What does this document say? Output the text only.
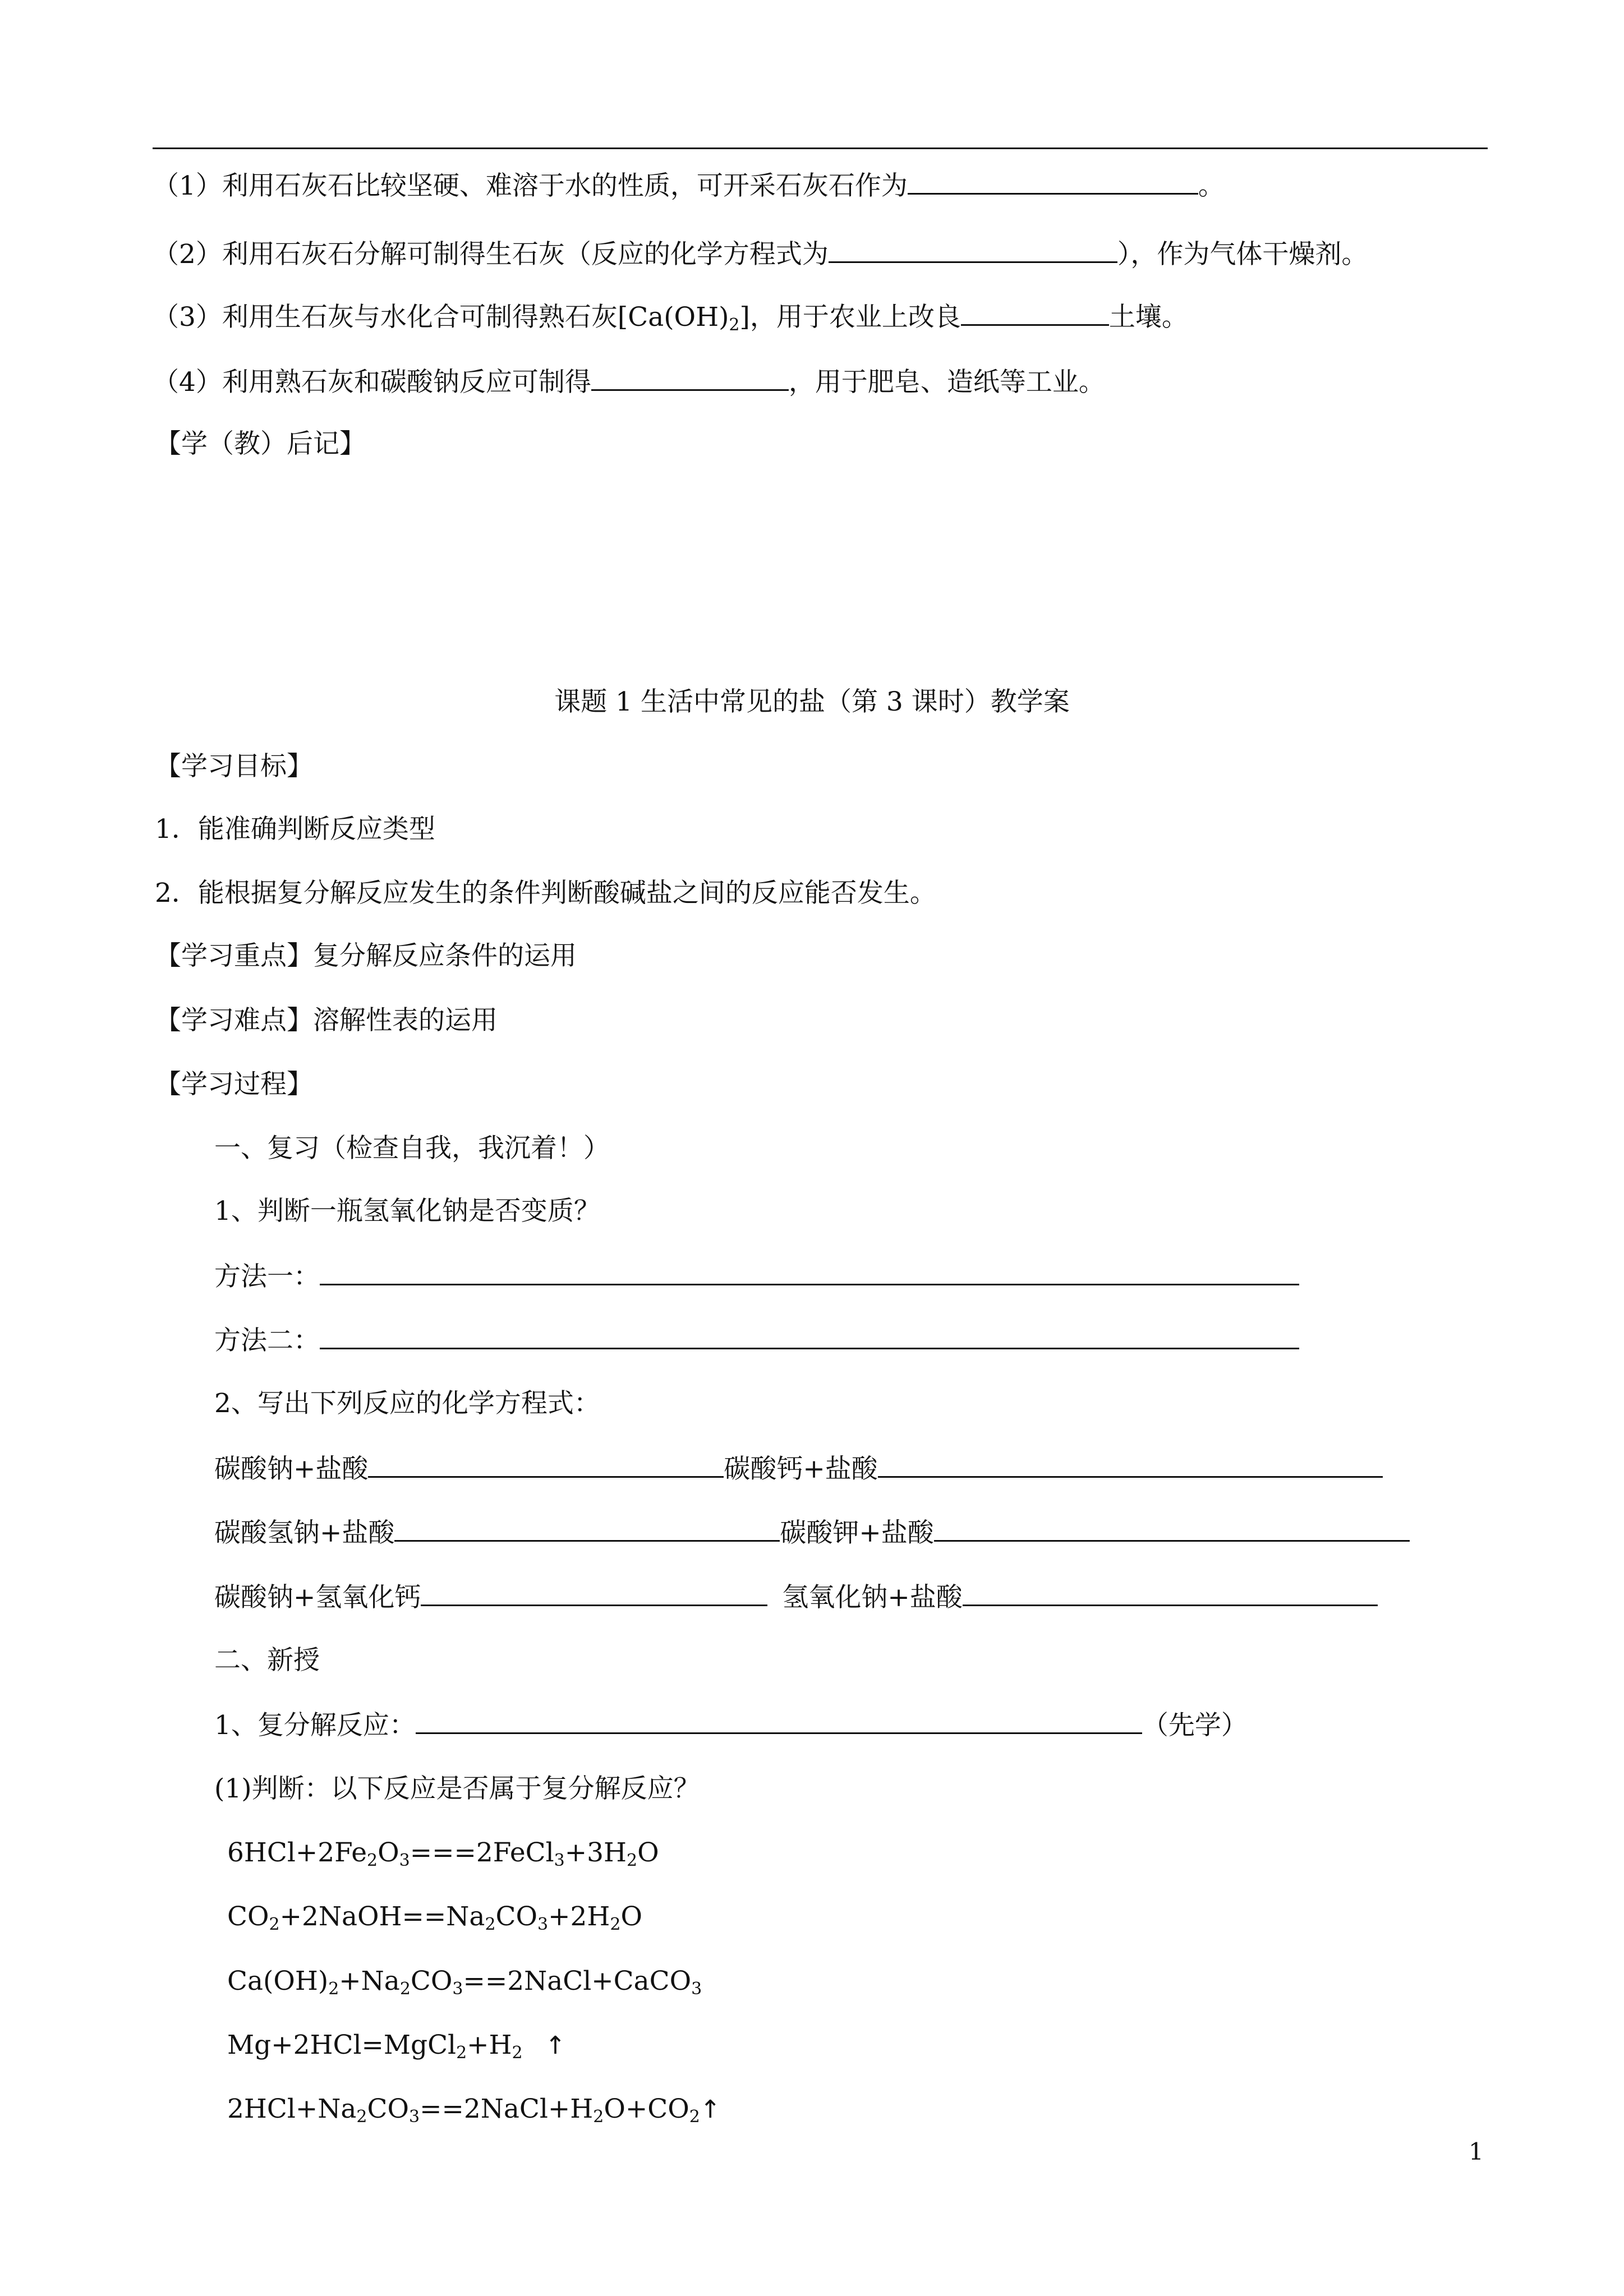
（1）利用石灰石比较坚硬、难溶于水的性质，可开采石灰石作为	。
（2）利用石灰石分解可制得生石灰（反应的化学方程式为	），作为气体干燥剂。
（3）利用生石灰与水化合可制得熟石灰$[Ca(OH)_2]$，用于农业上改良	土壤。
（4）利用熟石灰和碳酸钠反应可制得	，用于肥皂、造纸等工业。
【学（教）后记】
课题 1 生活中常见的盐（第 3 课时）教学案
【学习目标】
1．能准确判断反应类型
2．能根据复分解反应发生的条件判断酸碱盐之间的反应能否发生。
【学习重点】复分解反应条件的运用
【学习难点】溶解性表的运用
【学习过程】
一、复习（检查自我，我沉着！）
1、判断一瓶氢氧化钠是否变质？
方法一：
方法二：
2、写出下列反应的化学方程式：
碳酸钠+盐酸	碳酸钙+盐酸
碳酸氢钠+盐酸	碳酸钾+盐酸
碳酸钠+氢氧化钙	氢氧化钠+盐酸
二、新授
1、复分解反应：	（先学）
(1)判断：以下反应是否属于复分解反应？
$6HCl+2Fe_2O_3===2FeCl_3+3H_2O$
$CO_2+2NaOH==Na_2CO_3+2H_2O$
$Ca(OH)_2+Na_2CO_3==2NaCl+CaCO_3$
$Mg+2HCl=MgCl_2+H_2$ ↑
$2HCl+Na_2CO_3==2NaCl+H_2O+CO_2↑$
1
